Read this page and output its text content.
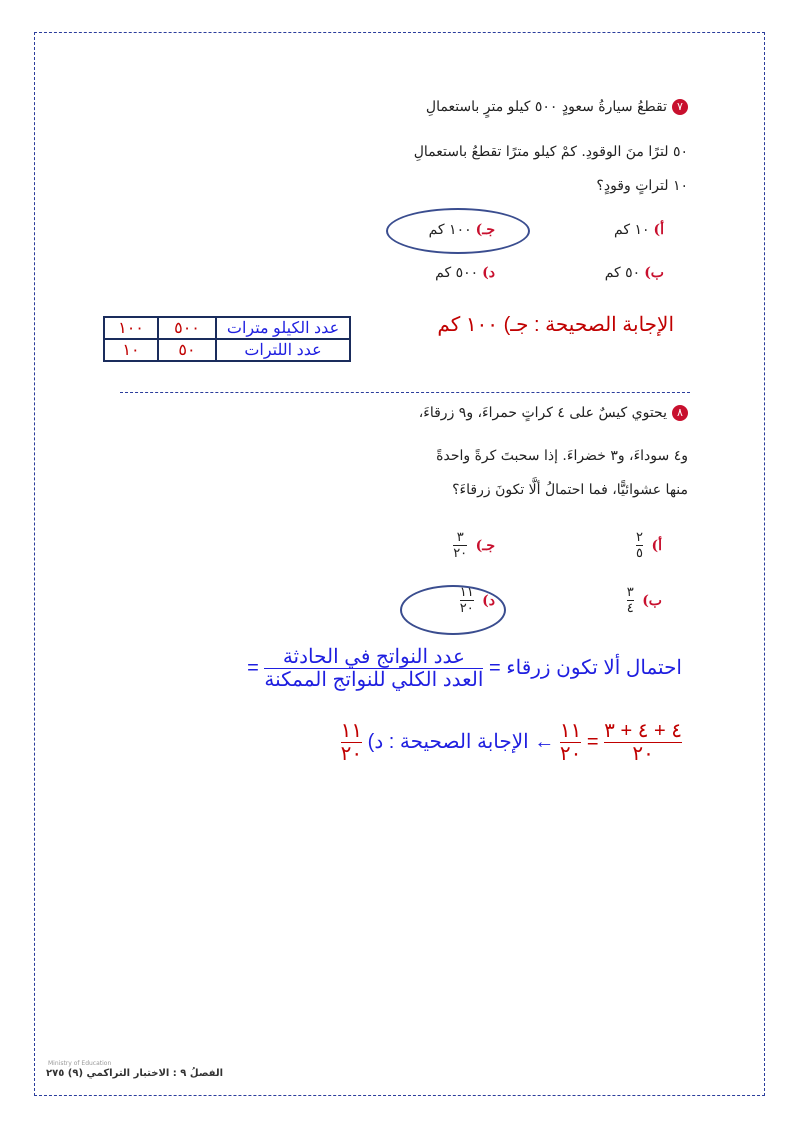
٧تقطعُ سيارةُ سعودٍ ٥٠٠ كيلو مترٍ باستعمالِ
٥٠ لترًا منَ الوقودِ. كمْ كيلو مترًا تقطعُ باستعمالِ
١٠ لتراتٍ وقودٍ؟
أ)١٠ كم
جـ)١٠٠ كم
ب)٥٠ كم
د)٥٠٠ كم
الإجابة الصحيحة : جـ) ١٠٠ كم
عدد الكيلو مترات	٥٠٠	١٠٠
عدد اللترات	٥٠	١٠
٨يحتوي كيسٌ على ٤ كراتٍ حمراءَ، و٩ زرقاءَ،
و٤ سوداءَ، و٣ خضراءَ. إذا سحبتَ كرةً واحدةً
منها عشوائيًّا، فما احتمالُ ألَّا تكونَ زرقاءَ؟
أ)
$\frac{٢}{٥}$
جـ)
$\frac{٣}{٢٠}$
ب)
$\frac{٣}{٤}$
د)
$\frac{١١}{٢٠}$
احتمال ألا تكون زرقاء =
عدد النواتج في الحادثة
العدد الكلي للنواتج الممكنة
=
٤ + ٤ + ٣
٢٠
=
١١
٢٠
← الإجابة الصحيحة : د)
١١
٢٠
Ministry of Education
الفصلُ ٩ : الاختبار التراكمي (٩) ٢٧٥
